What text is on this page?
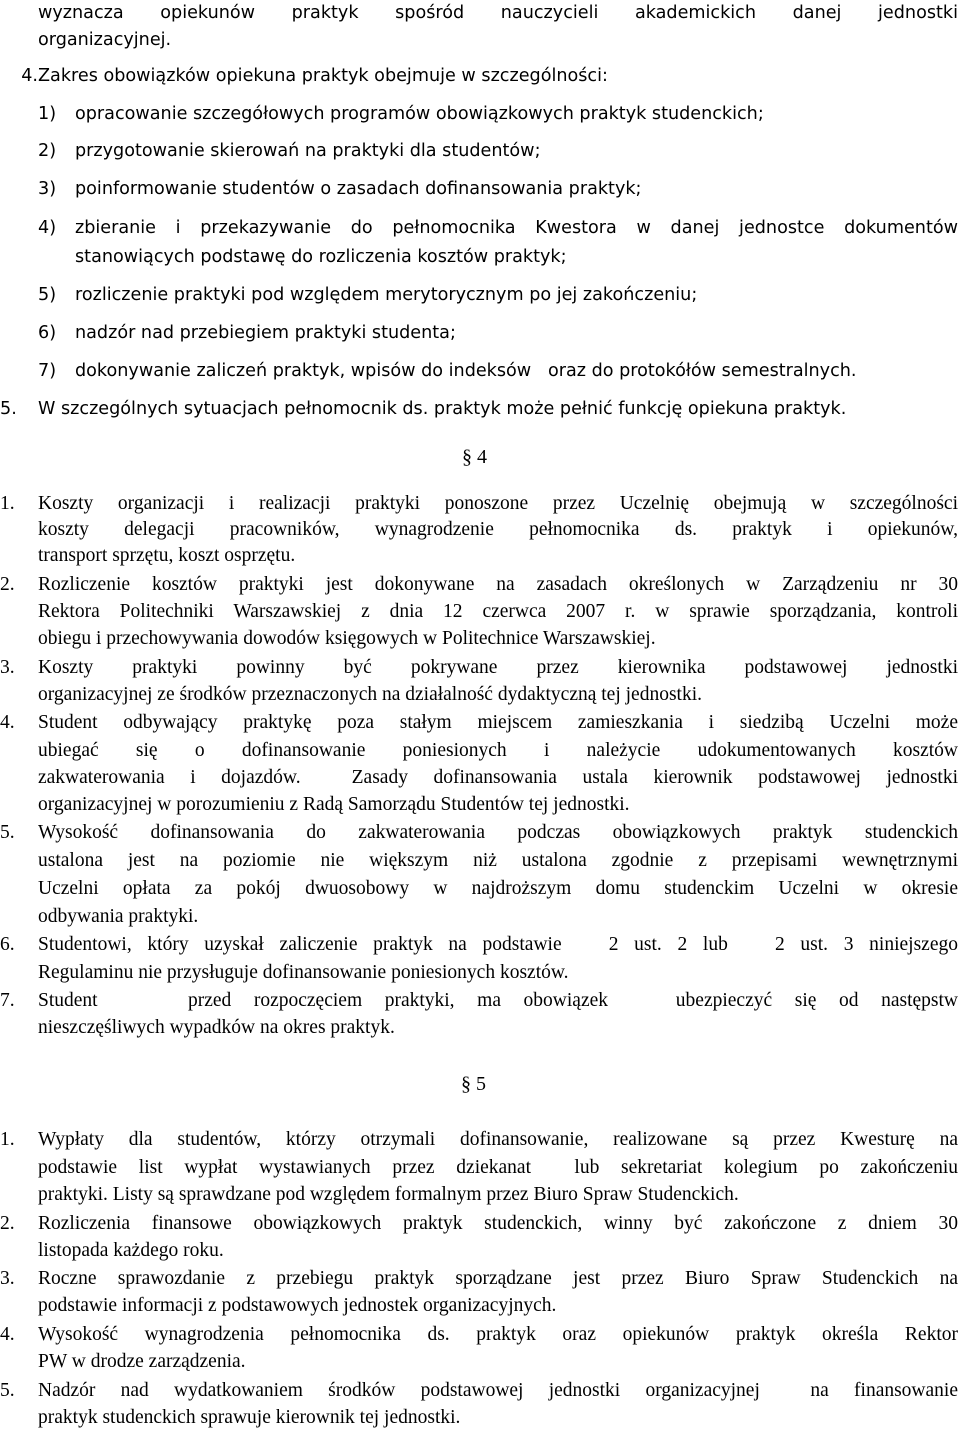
wyznacza opiekunów praktyk spośród nauczycieli akademickich danej jednostki
organizacyjnej.
4. Zakres obowiązków opiekuna praktyk obejmuje w szczególności:
1) opracowanie szczegółowych programów obowiązkowych praktyk studenckich;
2) przygotowanie skierowań na praktyki dla studentów;
3) poinformowanie studentów o zasadach dofinansowania praktyk;
4) zbieranie i przekazywanie do pełnomocnika Kwestora w danej jednostce dokumentów
stanowiących podstawę do rozliczenia kosztów praktyk;
5) rozliczenie praktyki pod względem merytorycznym po jej zakończeniu;
6) nadzór nad przebiegiem praktyki studenta;
7) dokonywanie zaliczeń praktyk, wpisów do indeksów   oraz do protokółów semestralnych.
5. W szczególnych sytuacjach pełnomocnik ds. praktyk może pełnić funkcję opiekuna praktyk.
§ 4
1. Koszty organizacji i realizacji praktyki ponoszone przez Uczelnię obejmują w szczególności
koszty delegacji pracowników, wynagrodzenie pełnomocnika ds. praktyk i opiekunów,
transport sprzętu, koszt osprzętu.
2. Rozliczenie kosztów praktyki jest dokonywane na zasadach określonych w Zarządzeniu nr 30
Rektora Politechniki Warszawskiej z dnia 12 czerwca 2007 r. w sprawie sporządzania, kontroli
obiegu i przechowywania dowodów księgowych w Politechnice Warszawskiej.
3. Koszty praktyki powinny być pokrywane przez kierownika podstawowej jednostki
organizacyjnej ze środków przeznaczonych na działalność dydaktyczną tej jednostki.
4. Student odbywający praktykę poza stałym miejscem zamieszkania i siedzibą Uczelni może
ubiegać się o dofinansowanie poniesionych i należycie udokumentowanych kosztów
zakwaterowania i dojazdów.  Zasady dofinansowania ustala kierownik podstawowej jednostki
organizacyjnej w porozumieniu z Radą Samorządu Studentów tej jednostki.
5. Wysokość dofinansowania do zakwaterowania podczas obowiązkowych praktyk studenckich
ustalona jest na poziomie nie większym niż ustalona zgodnie z przepisami wewnętrznymi
Uczelni opłata za pokój dwuosobowy w najdroższym domu studenckim Uczelni w okresie
odbywania praktyki.
6. Studentowi, który uzyskał zaliczenie praktyk na podstawie   2 ust. 2 lub   2 ust. 3 niniejszego
Regulaminu nie przysługuje dofinansowanie poniesionych kosztów.
7. Student    przed rozpoczęciem praktyki, ma obowiązek   ubezpieczyć się od następstw
nieszczęśliwych wypadków na okres praktyk.
§ 5
1. Wypłaty dla studentów, którzy otrzymali dofinansowanie, realizowane są przez Kwesturę na
podstawie list wypłat wystawianych przez dziekanat  lub sekretariat kolegium po zakończeniu
praktyki. Listy są sprawdzane pod względem formalnym przez Biuro Spraw Studenckich.
2. Rozliczenia finansowe obowiązkowych praktyk studenckich, winny być zakończone z dniem 30
listopada każdego roku.
3. Roczne sprawozdanie z przebiegu praktyk sporządzane jest przez Biuro Spraw Studenckich na
podstawie informacji z podstawowych jednostek organizacyjnych.
4. Wysokość wynagrodzenia pełnomocnika ds. praktyk oraz opiekunów praktyk określa Rektor
PW w drodze zarządzenia.
5. Nadzór nad wydatkowaniem środków podstawowej jednostki organizacyjnej  na finansowanie
praktyk studenckich sprawuje kierownik tej jednostki.
